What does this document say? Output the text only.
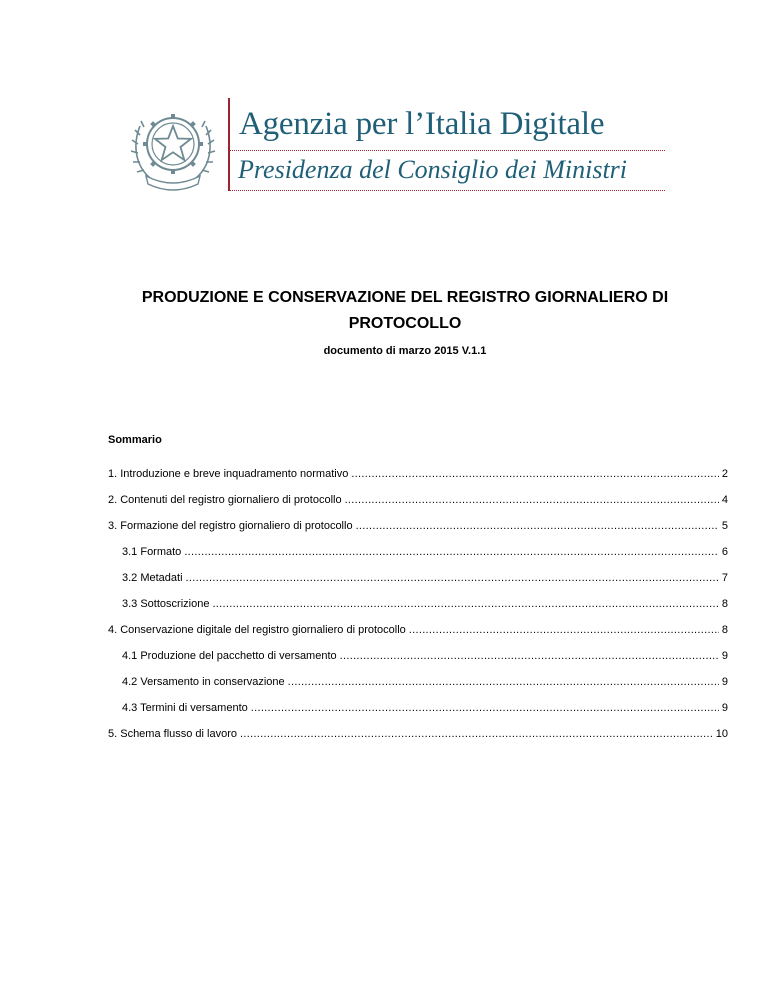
Agenzia per l’Italia Digitale
Presidenza del Consiglio dei Ministri
PRODUZIONE E CONSERVAZIONE DEL REGISTRO GIORNALIERO DI PROTOCOLLO
documento di marzo 2015 V.1.1
Sommario
1. Introduzione e breve inquadramento normativo .....	2
2. Contenuti del registro giornaliero di protocollo .....	4
3. Formazione del registro giornaliero di protocollo .....	5
3.1 Formato .....	6
3.2 Metadati .....	7
3.3 Sottoscrizione .....	8
4. Conservazione digitale del registro giornaliero di protocollo .....	8
4.1 Produzione del pacchetto di versamento .....	9
4.2 Versamento in conservazione .....	9
4.3 Termini di versamento .....	9
5. Schema flusso di lavoro .....	10
